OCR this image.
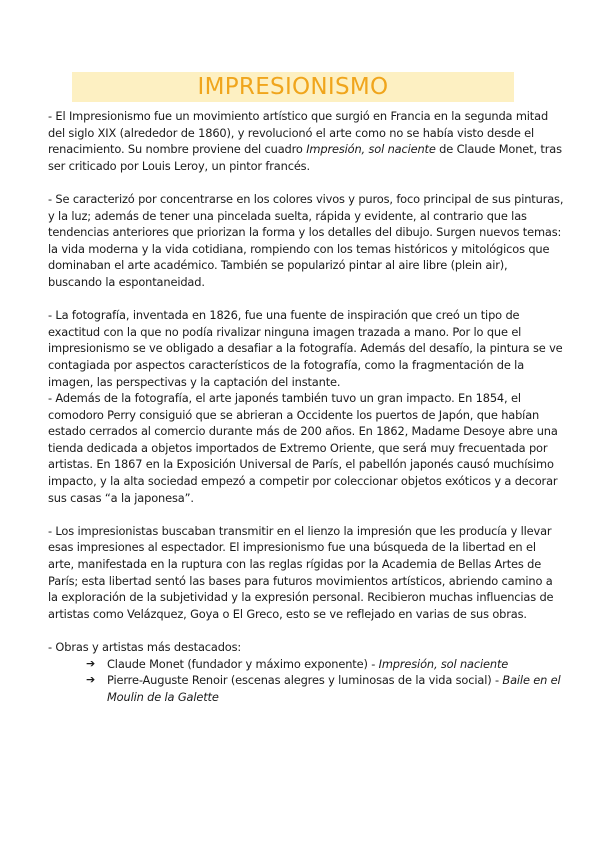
IMPRESIONISMO

- El Impresionismo fue un movimiento artístico que surgió en Francia en la segunda mitad del siglo XIX (alrededor de 1860), y revolucionó el arte como no se había visto desde el renacimiento. Su nombre proviene del cuadro Impresión, sol naciente de Claude Monet, tras ser criticado por Louis Leroy, un pintor francés.

- Se caracterizó por concentrarse en los colores vivos y puros, foco principal de sus pinturas, y la luz; además de tener una pincelada suelta, rápida y evidente, al contrario que las tendencias anteriores que priorizan la forma y los detalles del dibujo. Surgen nuevos temas: la vida moderna y la vida cotidiana, rompiendo con los temas históricos y mitológicos que dominaban el arte académico. También se popularizó pintar al aire libre (plein air), buscando la espontaneidad.

- La fotografía, inventada en 1826, fue una fuente de inspiración que creó un tipo de exactitud con la que no podía rivalizar ninguna imagen trazada a mano. Por lo que el impresionismo se ve obligado a desafiar a la fotografía. Además del desafío, la pintura se ve contagiada por aspectos característicos de la fotografía, como la fragmentación de la imagen, las perspectivas y la captación del instante.

- Además de la fotografía, el arte japonés también tuvo un gran impacto. En 1854, el comodoro Perry consiguió que se abrieran a Occidente los puertos de Japón, que habían estado cerrados al comercio durante más de 200 años. En 1862, Madame Desoye abre una tienda dedicada a objetos importados de Extremo Oriente, que será muy frecuentada por artistas. En 1867 en la Exposición Universal de París, el pabellón japonés causó muchísimo impacto, y la alta sociedad empezó a competir por coleccionar objetos exóticos y a decorar sus casas “a la japonesa”.

- Los impresionistas buscaban transmitir en el lienzo la impresión que les producía y llevar esas impresiones al espectador. El impresionismo fue una búsqueda de la libertad en el arte, manifestada en la ruptura con las reglas rígidas por la Academia de Bellas Artes de París; esta libertad sentó las bases para futuros movimientos artísticos, abriendo camino a la exploración de la subjetividad y la expresión personal. Recibieron muchas influencias de artistas como Velázquez, Goya o El Greco, esto se ve reflejado en varias de sus obras.

- Obras y artistas más destacados:

➔ Claude Monet (fundador y máximo exponente) - Impresión, sol naciente
➔ Pierre-Auguste Renoir (escenas alegres y luminosas de la vida social) - Baile en el Moulin de la Galette
